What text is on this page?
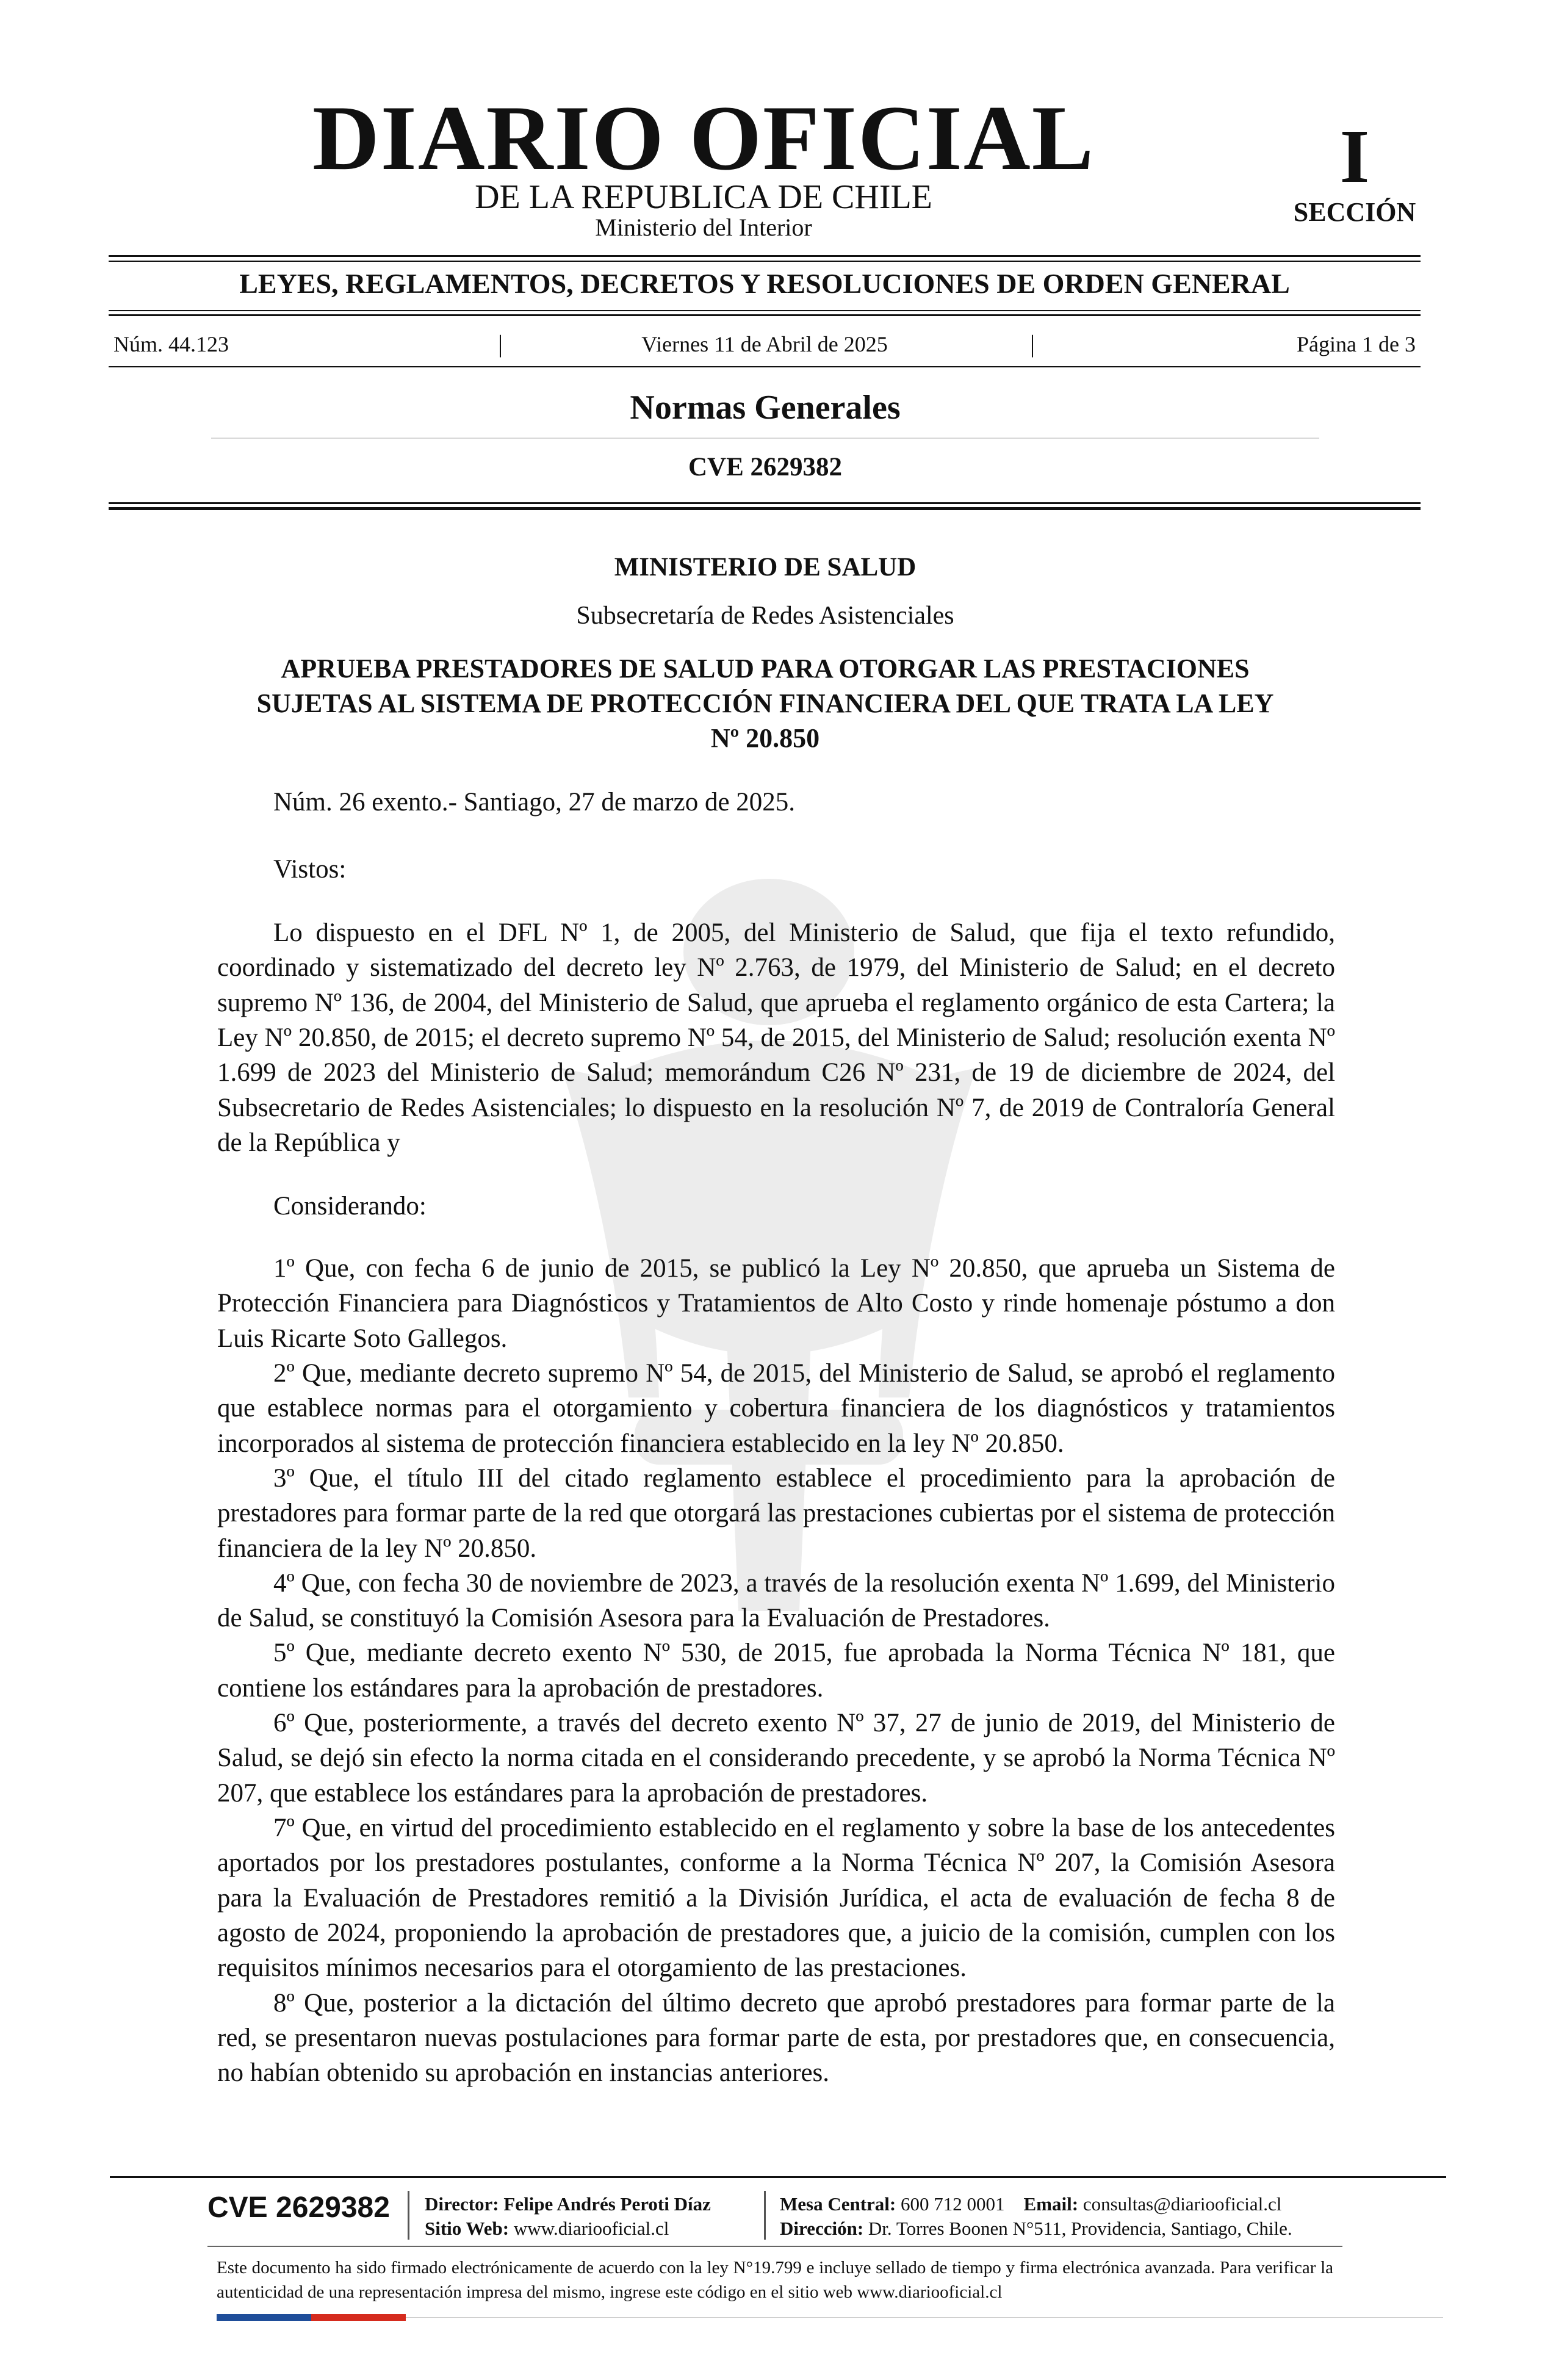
DIARIO OFICIAL
DE LA REPUBLICA DE CHILE
Ministerio del Interior
I
SECCIÓN
LEYES, REGLAMENTOS, DECRETOS Y RESOLUCIONES DE ORDEN GENERAL
Núm. 44.123	|	Viernes 11 de Abril de 2025	|	Página 1 de 3
Normas Generales
CVE 2629382
MINISTERIO DE SALUD
Subsecretaría de Redes Asistenciales
APRUEBA PRESTADORES DE SALUD PARA OTORGAR LAS PRESTACIONES
SUJETAS AL SISTEMA DE PROTECCIÓN FINANCIERA DEL QUE TRATA LA LEY
Nº 20.850
Núm. 26 exento.- Santiago, 27 de marzo de 2025.
Vistos:

Lo dispuesto en el DFL Nº 1, de 2005, del Ministerio de Salud, que fija el texto refundido, coordinado y sistematizado del decreto ley Nº 2.763, de 1979, del Ministerio de Salud; en el decreto supremo Nº 136, de 2004, del Ministerio de Salud, que aprueba el reglamento orgánico de esta Cartera; la Ley Nº 20.850, de 2015; el decreto supremo Nº 54, de 2015, del Ministerio de Salud; resolución exenta Nº 1.699 de 2023 del Ministerio de Salud; memorándum C26 Nº 231, de 19 de diciembre de 2024, del Subsecretario de Redes Asistenciales; lo dispuesto en la resolución Nº 7, de 2019 de Contraloría General de la República y

Considerando:

1º Que, con fecha 6 de junio de 2015, se publicó la Ley Nº 20.850, que aprueba un Sistema de Protección Financiera para Diagnósticos y Tratamientos de Alto Costo y rinde homenaje póstumo a don Luis Ricarte Soto Gallegos.

2º Que, mediante decreto supremo Nº 54, de 2015, del Ministerio de Salud, se aprobó el reglamento que establece normas para el otorgamiento y cobertura financiera de los diagnósticos y tratamientos incorporados al sistema de protección financiera establecido en la ley Nº 20.850.

3º Que, el título III del citado reglamento establece el procedimiento para la aprobación de prestadores para formar parte de la red que otorgará las prestaciones cubiertas por el sistema de protección financiera de la ley Nº 20.850.

4º Que, con fecha 30 de noviembre de 2023, a través de la resolución exenta Nº 1.699, del Ministerio de Salud, se constituyó la Comisión Asesora para la Evaluación de Prestadores.

5º Que, mediante decreto exento Nº 530, de 2015, fue aprobada la Norma Técnica Nº 181, que contiene los estándares para la aprobación de prestadores.

6º Que, posteriormente, a través del decreto exento Nº 37, 27 de junio de 2019, del Ministerio de Salud, se dejó sin efecto la norma citada en el considerando precedente, y se aprobó la Norma Técnica Nº 207, que establece los estándares para la aprobación de prestadores.

7º Que, en virtud del procedimiento establecido en el reglamento y sobre la base de los antecedentes aportados por los prestadores postulantes, conforme a la Norma Técnica Nº 207, la Comisión Asesora para la Evaluación de Prestadores remitió a la División Jurídica, el acta de evaluación de fecha 8 de agosto de 2024, proponiendo la aprobación de prestadores que, a juicio de la comisión, cumplen con los requisitos mínimos necesarios para el otorgamiento de las prestaciones.

8º Que, posterior a la dictación del último decreto que aprobó prestadores para formar parte de la red, se presentaron nuevas postulaciones para formar parte de esta, por prestadores que, en consecuencia, no habían obtenido su aprobación en instancias anteriores.

CVE 2629382 Director: Felipe Andrés Peroti Díaz
Sitio Web: www.diariooficial.cl
Mesa Central: 600 712 0001 Email: consultas@diariooficial.cl
Dirección: Dr. Torres Boonen N°511, Providencia, Santiago, Chile.
Este documento ha sido firmado electrónicamente de acuerdo con la ley N°19.799 e incluye sellado de tiempo y firma electrónica avanzada. Para verificar la autenticidad de una representación impresa del mismo, ingrese este código en el sitio web www.diariooficial.cl
